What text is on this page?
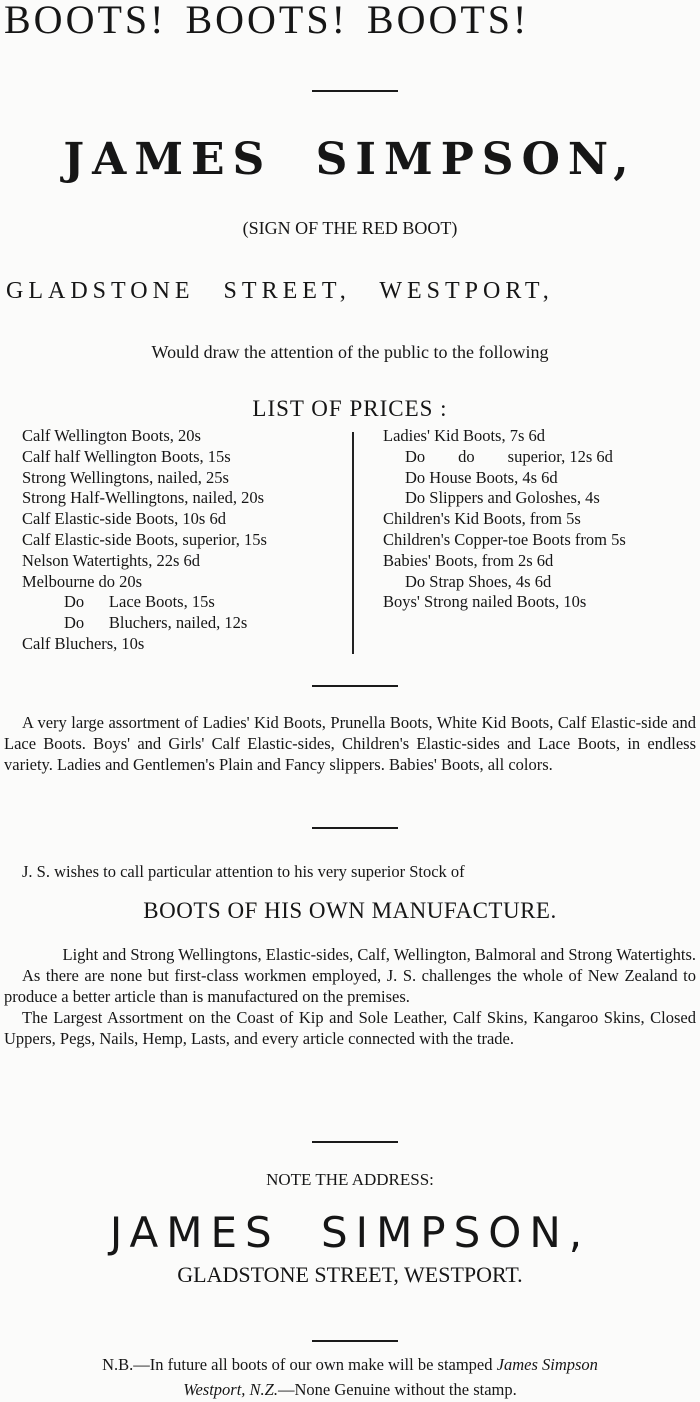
BOOTS! BOOTS! BOOTS!
JAMES SIMPSON,
(SIGN OF THE RED BOOT)
GLADSTONE STREET, WESTPORT,
Would draw the attention of the public to the following
LIST OF PRICES :
Calf Wellington Boots, 20s
Calf half Wellington Boots, 15s
Strong Wellingtons, nailed, 25s
Strong Half-Wellingtons, nailed, 20s
Calf Elastic-side Boots, 10s 6d
Calf Elastic-side Boots, superior, 15s
Nelson Watertights, 22s 6d
Melbourne do 20s
Do      Lace Boots, 15s
Do      Bluchers, nailed, 12s
Calf Bluchers, 10s
Ladies' Kid Boots, 7s 6d
Do        do        superior, 12s 6d
Do House Boots, 4s 6d
Do Slippers and Goloshes, 4s
Children's Kid Boots, from 5s
Children's Copper-toe Boots from 5s
Babies' Boots, from 2s 6d
Do Strap Shoes, 4s 6d
Boys' Strong nailed Boots, 10s

A very large assortment of Ladies' Kid Boots, Prunella Boots, White Kid Boots, Calf Elastic-side and Lace Boots. Boys' and Girls' Calf Elastic-sides, Children's Elastic-sides and Lace Boots, in endless variety. Ladies and Gentlemen's Plain and Fancy slippers. Babies' Boots, all colors.

J. S. wishes to call particular attention to his very superior Stock of
BOOTS OF HIS OWN MANUFACTURE.

Light and Strong Wellingtons, Elastic-sides, Calf, Wellington, Balmoral and Strong Watertights.

As there are none but first-class workmen employed, J. S. challenges the whole of New Zealand to produce a better article than is manufactured on the premises.

The Largest Assortment on the Coast of Kip and Sole Leather, Calf Skins, Kangaroo Skins, Closed Uppers, Pegs, Nails, Hemp, Lasts, and every article connected with the trade.

NOTE THE ADDRESS:
JAMES SIMPSON,
GLADSTONE STREET, WESTPORT.
N.B.—In future all boots of our own make will be stamped James Simpson
Westport, N.Z.—None Genuine without the stamp.
